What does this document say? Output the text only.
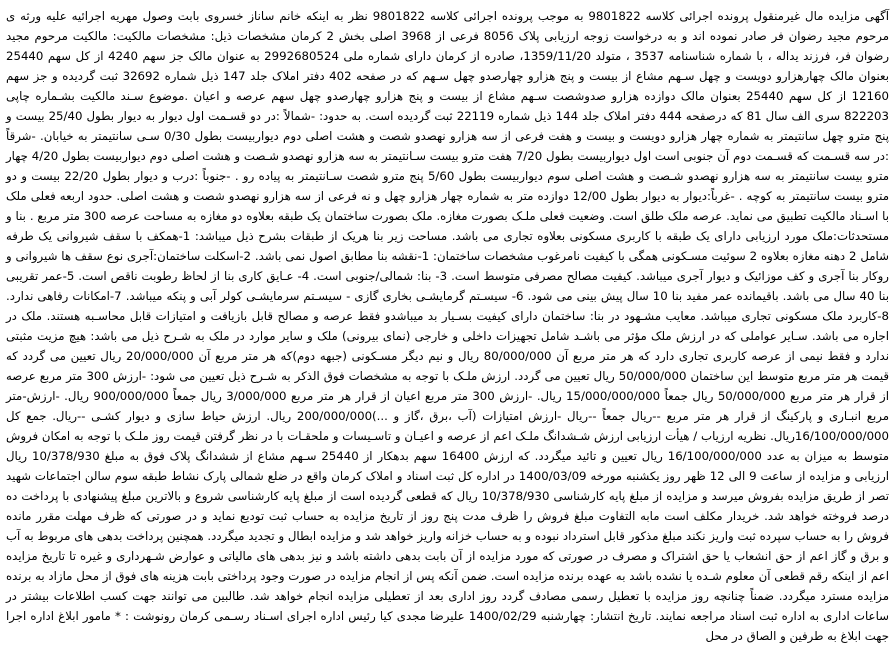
آگهی مزایده مال غیرمنقول پرونده اجرائی کلاسه 9801822 به موجب پرونده اجرائی کلاسه 9801822 نظر به اینکه خانم ساناز خسروی بابت وصول مهریه اجرائیه علیه ورثه ی مرحوم مجید رضوان فر صادر نموده اند و به درخواست زوجه ارزیابی پلاک 8056 فرعی از 3968 اصلی بخش 2 کرمان مشخصات ذیل: مشخصات مالکیت: مالکیت مرحوم مجید رضوان فر، فرزند یداله ، با شماره شناسنامه 3537 ، متولد 1359/11/20، صادره از کرمان دارای شماره ملی 2992680524 به عنوان مالک جز سهم 4240 از کل سهم 25440 بعنوان مالک چهارهزارو دویست و چهل سـهم مشاع از بیست و پنج هزارو چهارصدو چهل سـهم که در صفحه 402 دفتر املاک جلد 147 ذیل شماره 32692 ثبت گردیده و جز سهم 12160 از کل سهم 25440 بعنوان مالک دوازده هزارو صدوشصت سـهم مشاع از بیست و پنج هزارو چهارصدو چهل سهم عرصه و اعیان .موضوع سـند مالکیت بشـماره چاپی 822203 سری الف سال 81 که درصفحه 444 دفتر املاک جلد 144 ذیل شماره 22119 ثبت گردیده است. به حدود: -شمالاً :در دو قسـمت اول دیوار به دیوار بطول 25/40 بیست و پنج مترو چهل سانتیمتر به شماره چهار هزارو دویست و بیست و هفت فرعی از سه هزارو نهصدو شصت و هشت اصلی دوم دیواربیست بطول 0/30 سـی سانتیمتر به خیابان. -شرقاً :در سه قسـمت که قسـمت دوم آن جنوبی است اول دیواربیست بطول 7/20 هفت مترو بیست سـانتیمتر به سه هزارو نهصدو شـصت و هشت اصلی دوم دیواربیست بطول 4/20 چهار مترو بیست سانتیمتر به سه هزارو نهصدو شـصت و هشت اصلی سوم دیواربیست بطول 5/60 پنج مترو شصت سـانتیمتر به پیاده رو . -جنوباً :درب و دیوار بطول 22/20 بیست و دو مترو بیست سانتیمتر به کوچه . -غرباً:دیوار به دیوار بطول 12/00 دوازده متر به شماره چهار هزارو چهل و نه فرعی از سه هزارو نهصدو شصت و هشت اصلی. حدود اربعه فعلی ملک با اسـناد مالکیت تطبیق می نماید. عرصه ملک طلق است. وضعیت فعلی ملـک بصورت مغازه. ملک بصورت ساختمان یک طبقه بعلاوه دو مغازه به مساحت عرصه 300 متر مربع . بنا و مستحدثات:ملک مورد ارزیابی دارای یک طبقه با کاربری مسکونی بعلاوه تجاری می باشد. مساحت زیر بنا هریک از طبقات بشرح ذیل میباشد: 1-همکف با سقف شیروانی یک طرفه شامل 2 دهنه مغازه بعلاوه 2 سوئیت مسـکونی همگی با کیفیت نامرغوب مشخصات ساختمان: 1-نقشه بنا مطابق اصول نمی باشد. 2-اسکلت ساختمان:آجری نوع سقف ها شیروانی و روکار بنا آجری و کف موزائیک و دیوار آجری میباشد. کیفیت مصالح مصرفی متوسط است. 3- بنا: شمالی/جنوبی است. 4- عـایق کاری بنا از لحاظ رطوبت ناقص است. 5-عمر تقریبی بنا 40 سال می باشد. باقیمانده عمر مفید بنا 10 سال پیش بینی می شود. 6- سیسـتم گرمایشـی بخاری گازی - سیسـتم سرمایشـی کولر آبی و پنکه میباشد. 7-امکانات رفاهی ندارد. 8-کاربرد ملک مسکونی تجاری میباشد. معایب مشـهود در بنا: ساختمان دارای کیفیت بسـیار بد میباشدو فقط عرصه و مصالح قابل بازیافت و امتیازات قابل محاسـبه هستند. ملک در اجاره می باشد. سـایر عواملی که در ارزش ملک مؤثر می باشـد شامل تجهیزات داخلی و خارجی (نمای بیرونی) ملک و سایر موارد در ملک به شـرح ذیل می باشد: هیچ مزیت مثبتی ندارد و فقط نیمی از عرصه کاربری تجاری دارد که هر متر مربع آن 80/000/000 ریال و نیم دیگر مسـکونی (جبهه دوم)که هر متر مربع آن 20/000/000 ریال تعیین می گردد که قیمت هر متر مربع متوسط این ساختمان 50/000/000 ریال تعیین می گردد. ارزش ملـک با توجه به مشخصات فوق الذکر به شـرح ذیل تعیین می شود: -ارزش 300 متر مربع عرصه از قرار هر متر مربع 50/000/000 ریال جمعاً 15/000/000/000 ریال. -ارزش 300 متر مربع اعیان از قرار هر متر مربع 3/000/000 ریال جمعاً 900/000/000 ریال. -ارزش-متر مربع انبـاری و پارکینگ از قرار هر متر مربع --ریال جمعاً --ریال -ارزش امتیازات (آب ،برق ،گاز و ...)200/000/000 ریال. ارزش حیاط سازی و دیوار کشـی --ریال. جمع کل 16/100/000/000ریال. نظریه ارزیاب / هیأت ارزیابی ارزش شـشدانگ ملـک اعم از عرصه و اعیـان و تاسـیسات و ملحقـات با در نظر گرفتن قیمت روز ملـک با توجه به امکان فروش متوسط به میزان به عدد 16/100/000/000 ریال تعیین و تائید میگردد. که ارزش 16400 سهم بدهکار از 25440 سـهم مشاع از ششدانگ پلاک فوق به مبلغ 10/378/930 ریال ارزیابی و مزایده از ساعت 9 الی 12 ظهر روز یکشنبه مورخه 1400/03/09 در اداره کل ثبت اسناد و املاک کرمان واقع در ضلع شمالی پارک نشاط طبقه سوم سالن اجتماعات شهید تصر از طریق مزایده بفروش میرسد و مزایده از مبلغ پایه کارشناسی 10/378/930 ریال که قطعی گردیده است از مبلغ پایه کارشناسی شروع و بالاترین مبلغ پیشنهادی با پرداخت ده درصد فروخته خواهد شد. خریدار مکلف است مابه التفاوت مبلغ فروش را ظرف مدت پنج روز از تاریخ مزایده به حساب ثبت تودیع نماید و در صورتی که ظرف مهلت مقرر مانده فروش را به حساب سپرده ثبت واریز نکند مبلغ مذکور قابل استرداد نبوده و به حساب خزانه واریز خواهد شد و مزایده ابطال و تجدید میگردد. همچنین پرداخت بدهی های مربوط به آب و برق و گاز اعم از حق انشعاب یا حق اشتراک و مصرف در صورتی که مورد مزایده از آن بابت بدهی داشته باشد و نیز بدهی های مالیاتی و عوارض شـهرداری و غیره تا تاریخ مزایده اعم از اینکه رقم قطعی آن معلوم شـده یا نشده باشد به عهده برنده مزایده است. ضمن آنکه پس از انجام مزایده در صورت وجود پرداختی بابت هزینه های فوق از محل مازاد به برنده مزایده مسترد میگردد. ضمناً چنانچه روز مزایده با تعطیل رسمی مصادف گردد روز اداری بعد از تعطیلی مزایده انجام خواهد شد. طالبین می توانند جهت کسب اطلاعات بیشتر در ساعات اداری به اداره ثبت اسناد مراجعه نمایند. تاریخ انتشار: چهارشنبه 1400/02/29 علیرضا مجدی کیا رئیس اداره اجرای اسـناد رسـمی کرمان رونوشت : * مامور ابلاغ اداره اجرا جهت ابلاغ به طرفین و الصاق در محل
